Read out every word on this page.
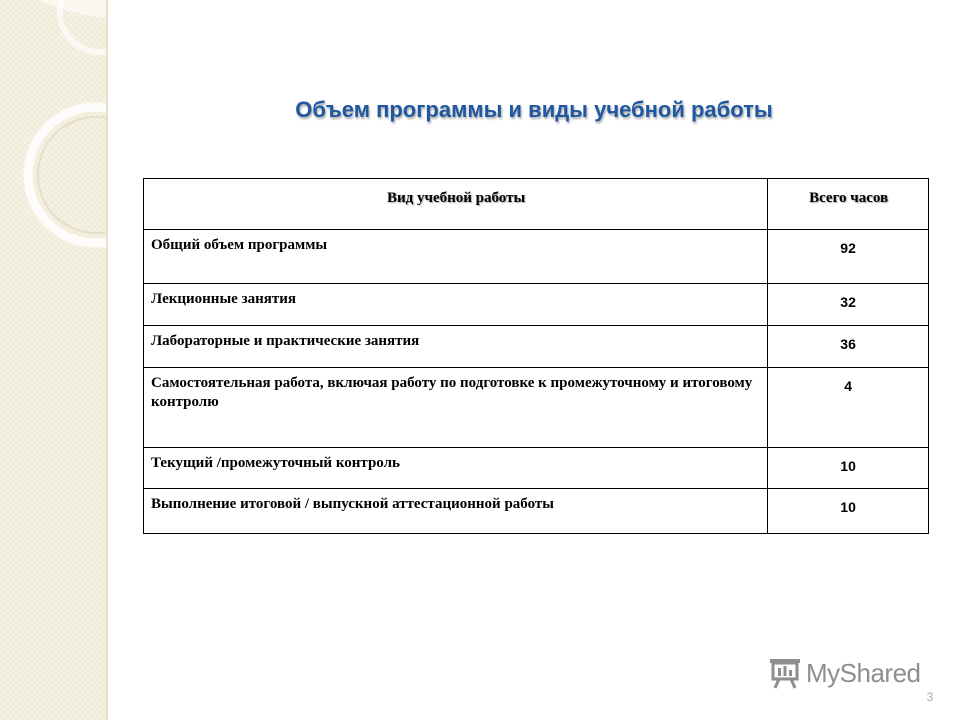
Объем программы и виды учебной работы
Вид учебной работы	Всего часов

Общий объем программы	92

Лекционные занятия	32

Лабораторные и практические занятия	36

Самостоятельная работа, включая работу по подготовке к промежуточному и итоговому контролю	4

Текущий /промежуточный контроль	10

Выполнение итоговой / выпускной аттестационной работы	10
MyShared
3
